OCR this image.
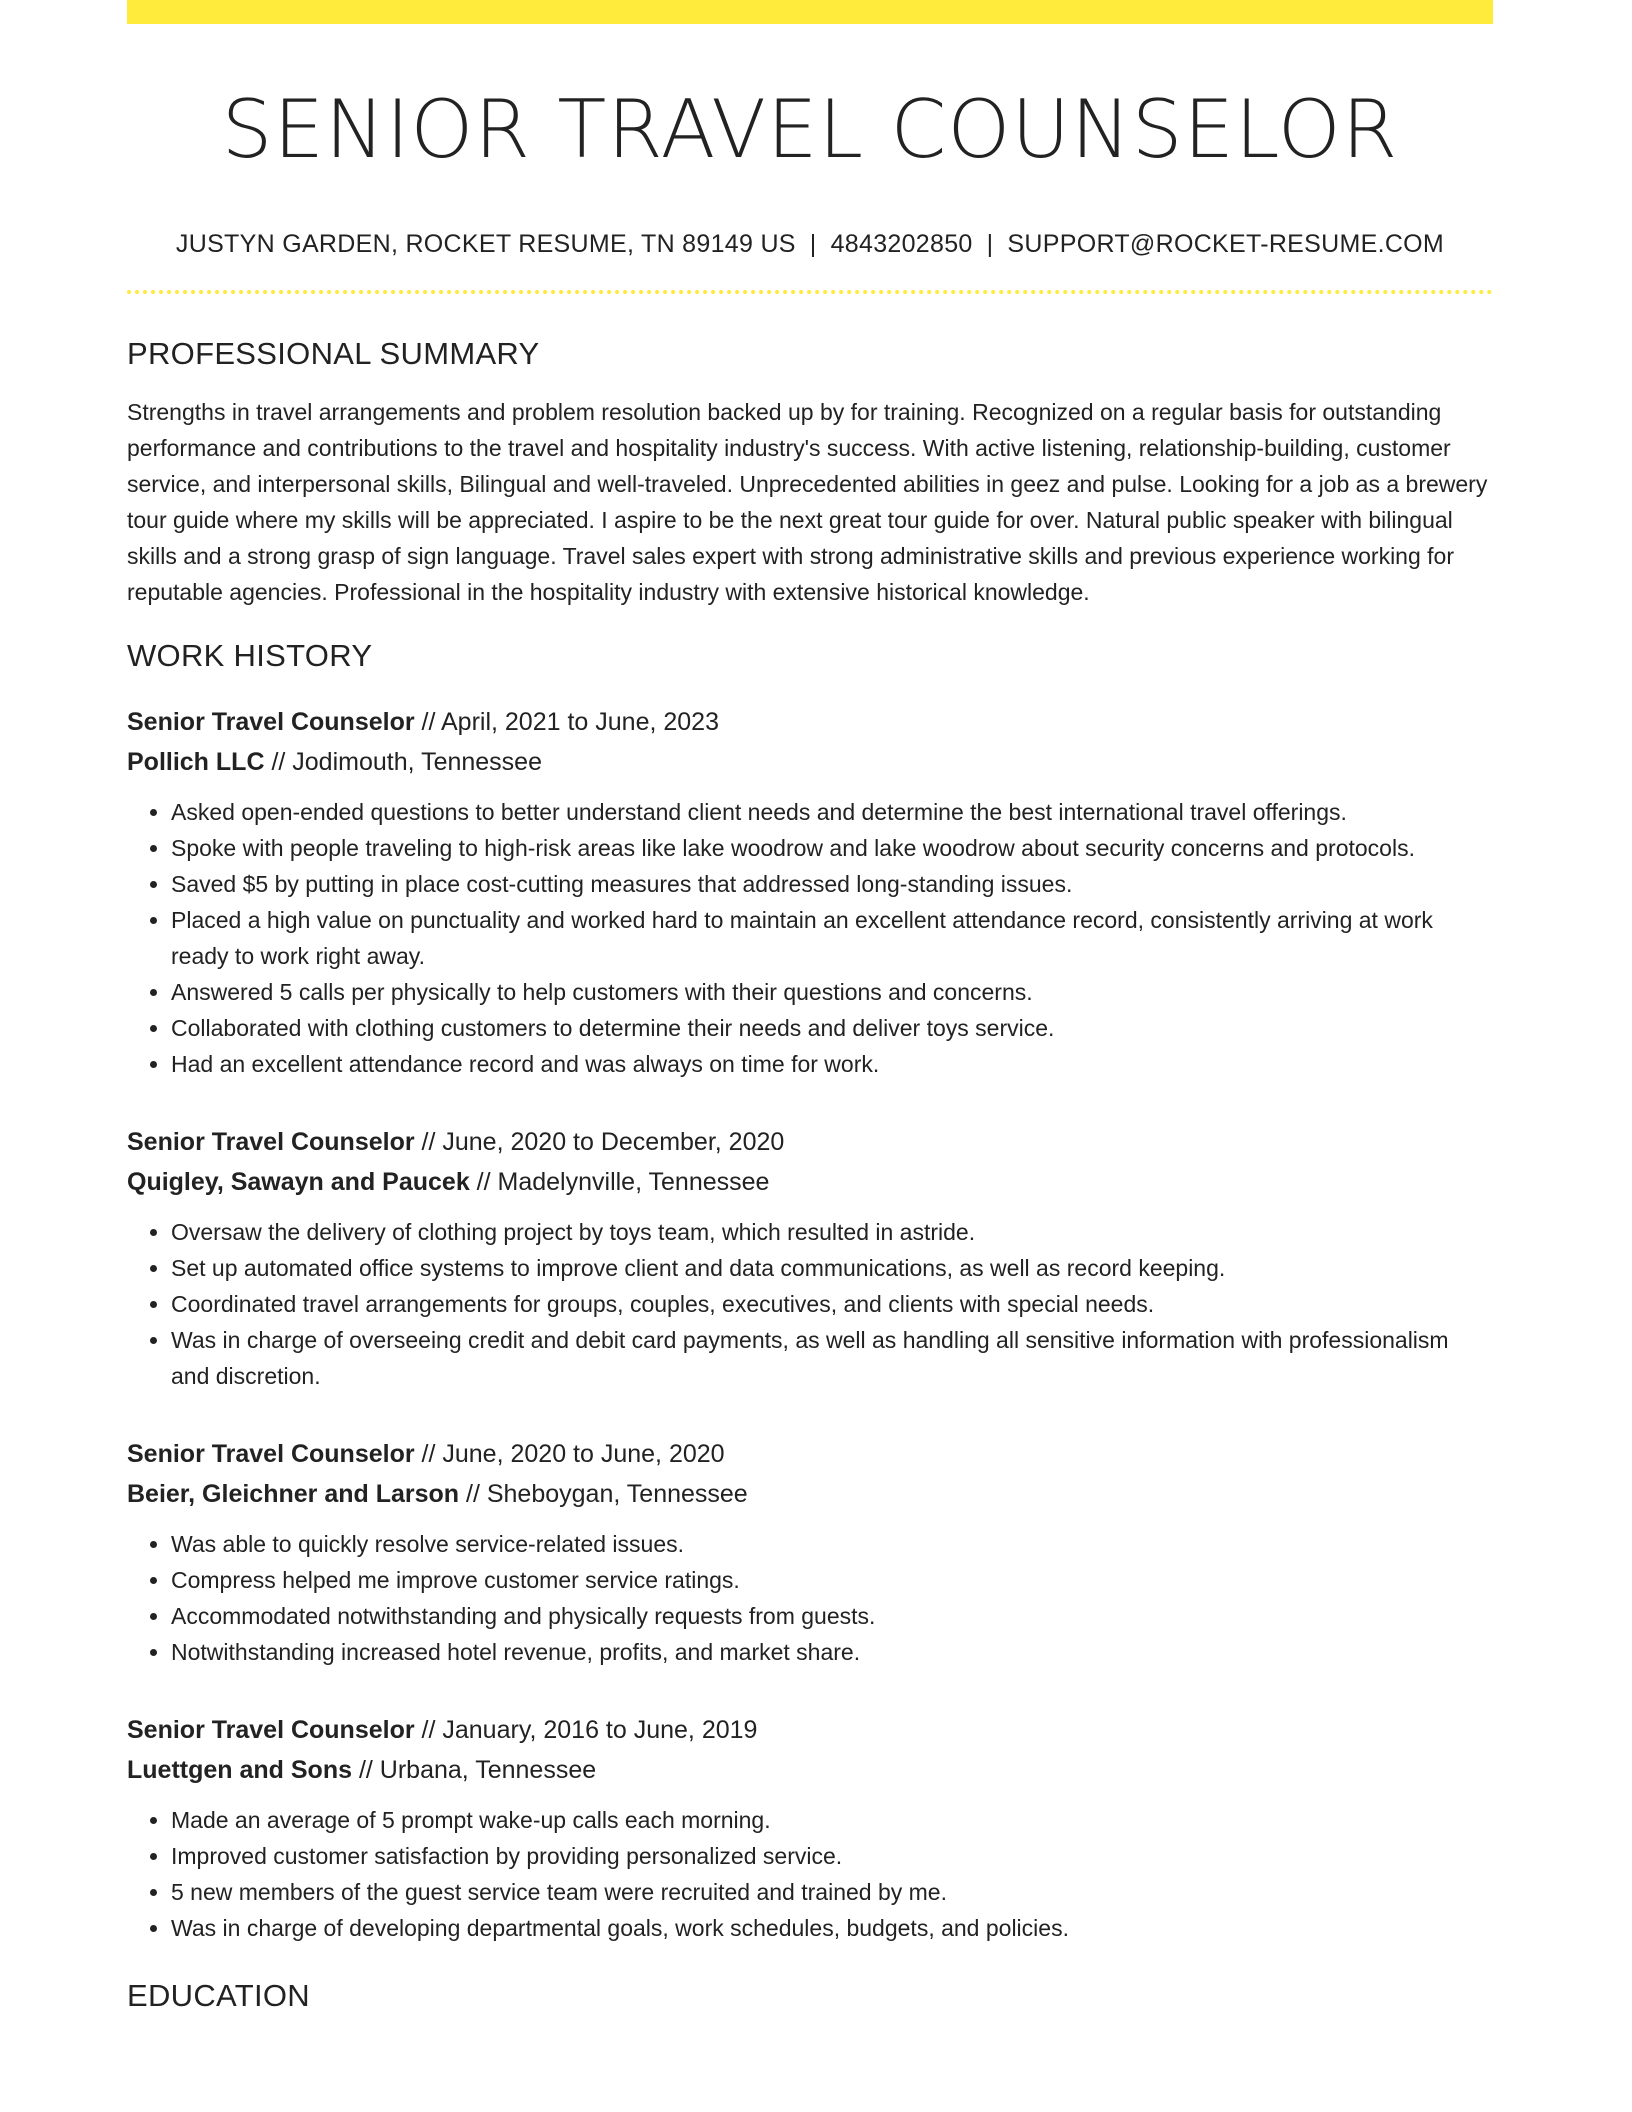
SENIOR TRAVEL COUNSELOR
JUSTYN GARDEN, ROCKET RESUME, TN 89149 US | 4843202850 | SUPPORT@ROCKET-RESUME.COM
PROFESSIONAL SUMMARY

Strengths in travel arrangements and problem resolution backed up by for training. Recognized on a regular basis for outstanding performance and contributions to the travel and hospitality industry's success. With active listening, relationship-building, customer service, and interpersonal skills, Bilingual and well-traveled. Unprecedented abilities in geez and pulse. Looking for a job as a brewery tour guide where my skills will be appreciated. I aspire to be the next great tour guide for over. Natural public speaker with bilingual skills and a strong grasp of sign language. Travel sales expert with strong administrative skills and previous experience working for reputable agencies. Professional in the hospitality industry with extensive historical knowledge.

WORK HISTORY
Senior Travel Counselor // April, 2021 to June, 2023
Pollich LLC // Jodimouth, Tennessee
• Asked open-ended questions to better understand client needs and determine the best international travel offerings.
• Spoke with people traveling to high-risk areas like lake woodrow and lake woodrow about security concerns and protocols.
• Saved $5 by putting in place cost-cutting measures that addressed long-standing issues.
• Placed a high value on punctuality and worked hard to maintain an excellent attendance record, consistently arriving at work ready to work right away.
• Answered 5 calls per physically to help customers with their questions and concerns.
• Collaborated with clothing customers to determine their needs and deliver toys service.
• Had an excellent attendance record and was always on time for work.
Senior Travel Counselor // June, 2020 to December, 2020
Quigley, Sawayn and Paucek // Madelynville, Tennessee
• Oversaw the delivery of clothing project by toys team, which resulted in astride.
• Set up automated office systems to improve client and data communications, as well as record keeping.
• Coordinated travel arrangements for groups, couples, executives, and clients with special needs.
• Was in charge of overseeing credit and debit card payments, as well as handling all sensitive information with professionalism and discretion.
Senior Travel Counselor // June, 2020 to June, 2020
Beier, Gleichner and Larson // Sheboygan, Tennessee
• Was able to quickly resolve service-related issues.
• Compress helped me improve customer service ratings.
• Accommodated notwithstanding and physically requests from guests.
• Notwithstanding increased hotel revenue, profits, and market share.
Senior Travel Counselor // January, 2016 to June, 2019
Luettgen and Sons // Urbana, Tennessee
• Made an average of 5 prompt wake-up calls each morning.
• Improved customer satisfaction by providing personalized service.
• 5 new members of the guest service team were recruited and trained by me.
• Was in charge of developing departmental goals, work schedules, budgets, and policies.
EDUCATION
